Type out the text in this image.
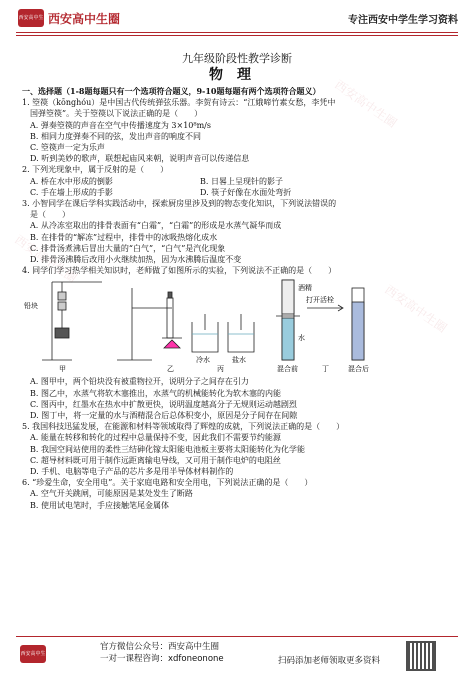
西安高中生 西安高中生圈	专注西安中学生学习资料
西安高中生圈
西安高中生圈
西安高中生圈
西安高中生圈
九年级阶段性教学诊断
物理

一、选择题（1-8题每题只有一个选项符合题义，9-10题每题有两个选项符合题义）

1. 箜篌（kōnghóu）是中国古代传统弹弦乐器。李贺有诗云：“江娥啼竹素女愁，李凭中

国弹箜篌”。关于箜篌以下说法正确的是（　　）

A. 弹奏箜篌的声音在空气中传播速度为 3×10⁸m/s

B. 相同力度弹奏不同的弦，发出声音的响度不同

C. 箜篌声一定为乐声

D. 听到美妙的歌声，联想起庙风来朝，说明声音可以传递信息

2. 下列光现象中，属于反射的是（　　）

A. 桥在水中形成的倒影	B. 日晷上呈现针的影子

C. 手在墙上形成的手影	D. 筷子好像在水面处弯折

3. 小智同学在课后学科实践活动中，探索厨房里涉及到的物态变化知识，下列说法错误的

是（　　）

A. 从冷冻室取出的排骨表面有“白霜”，“白霜”的形成是水蒸气凝华而成

B. 在排骨的“解冻”过程中，排骨中的冰吸热熔化成水

C. 排骨汤煮沸后冒出大量的“白气”，“白气”是汽化现象

D. 排骨汤沸腾后改用小火继续加热，因为水沸腾后温度不变

4. 同学们学习热学相关知识时，老师做了如图所示的实验，下列说法不正确的是（　　）

铅块
甲	乙
冷水	盐水
丙
酒精
打开活栓
水
混合前	混合后
丁

A. 图甲中，两个铅块没有被重物拉开，说明分子之间存在引力

B. 图乙中，水蒸气将软木塞推出，水蒸气的机械能转化为软木塞的内能

C. 图丙中，红墨水在热水中扩散更快，说明温度越高分子无规则运动越剧烈

D. 图丁中，将一定量的水与酒精混合后总体积变小，原因是分子间存在间隙

5. 我国科技迅猛发展，在能源和材料等领域取得了辉煌的成就，下列说法正确的是（　　）

A. 能量在转移和转化的过程中总量保持不变，因此我们不需要节约能源

B. 我国空间站使用的柔性三结砷化镓太阳能电池板主要将太阳能转化为化学能

C. 超导材料既可用于制作远距离输电导线，又可用于制作电炉的电阻丝

D. 手机、电脑等电子产品的芯片多是用半导体材料制作的

6. “珍爱生命，安全用电”。关于家庭电路和安全用电，下列说法正确的是（　　）

A. 空气开关跳闸，可能原因是某处发生了断路

B. 使用试电笔时，手应接触笔尾金属体

西安高中生
官方微信公众号：西安高中生圈
一对一课程咨询：xdfoneonone	扫码添加老师领取更多资料
